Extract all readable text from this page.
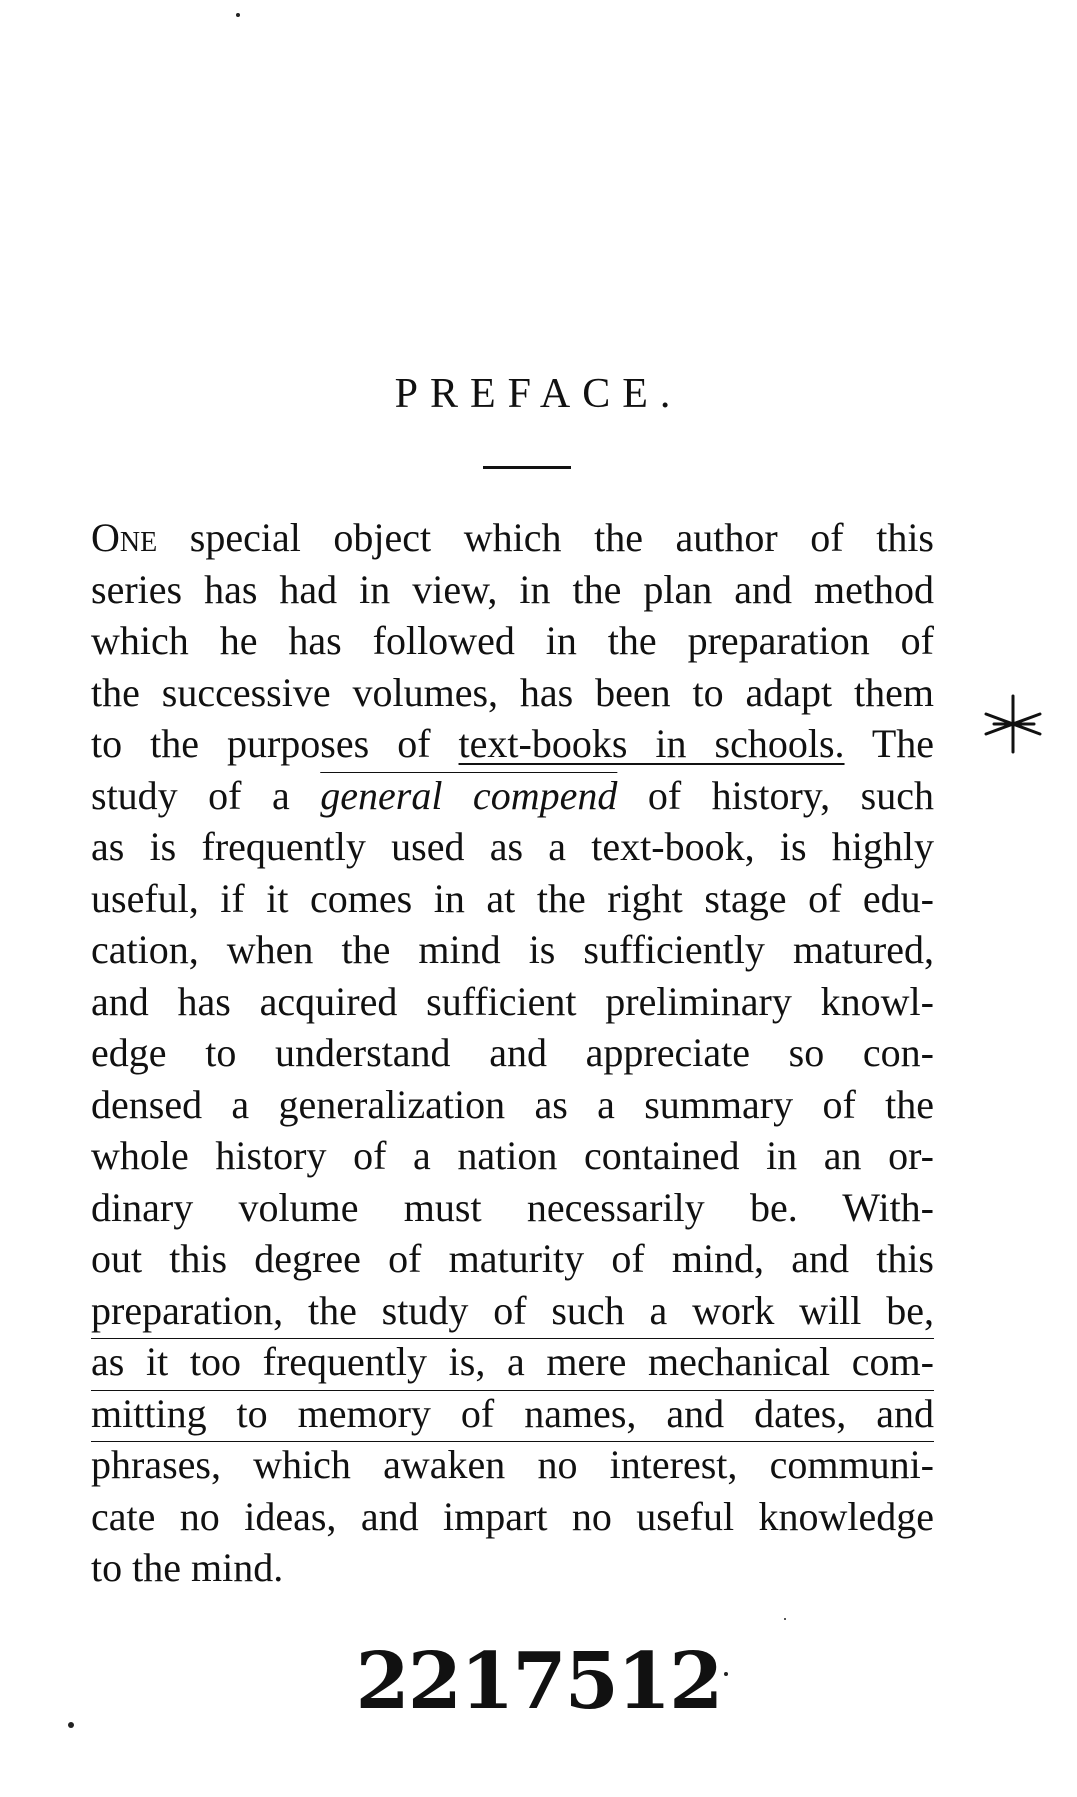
PREFACE.
One special object which the author of this
series has had in view, in the plan and method
which he has followed in the preparation of
the successive volumes, has been to adapt them
to the purposes of text-books in schools. The
study of a general compend of history, such
as is frequently used as a text-book, is highly
useful, if it comes in at the right stage of edu-
cation, when the mind is sufficiently matured,
and has acquired sufficient preliminary knowl-
edge to understand and appreciate so con-
densed a generalization as a summary of the
whole history of a nation contained in an or-
dinary volume must necessarily be. With-
out this degree of maturity of mind, and this
preparation, the study of such a work will be,
as it too frequently is, a mere mechanical com-
mitting to memory of names, and dates, and
phrases, which awaken no interest, communi-
cate no ideas, and impart no useful knowledge
to the mind.
2217512
